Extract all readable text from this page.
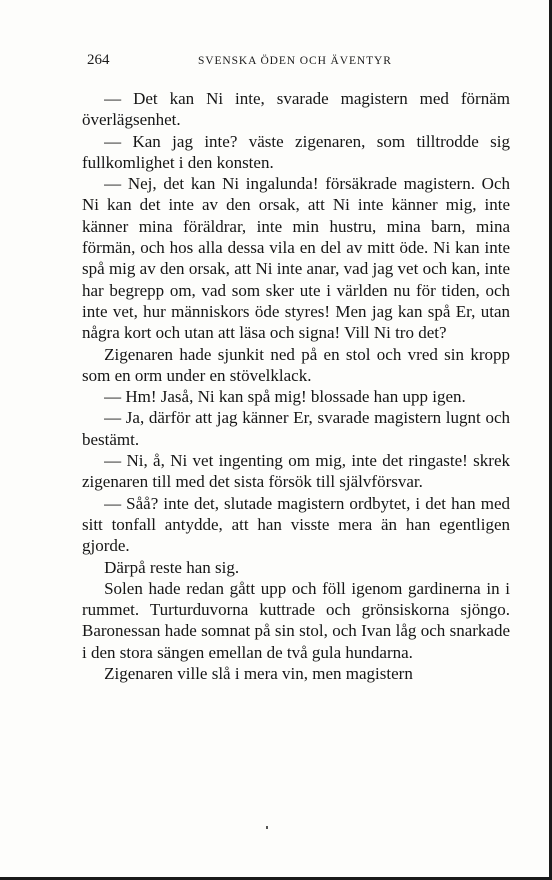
264	SVENSKA ÖDEN OCH ÄVENTYR

— Det kan Ni inte, svarade magistern med förnäm överlägsenhet.

— Kan jag inte? väste zigenaren, som tilltrodde sig fullkomlighet i den konsten.

— Nej, det kan Ni ingalunda! försäkrade magistern. Och Ni kan det inte av den orsak, att Ni inte känner mig, inte känner mina föräldrar, inte min hustru, mina barn, mina förmän, och hos alla dessa vila en del av mitt öde. Ni kan inte spå mig av den orsak, att Ni inte anar, vad jag vet och kan, inte har begrepp om, vad som sker ute i världen nu för tiden, och inte vet, hur människors öde styres! Men jag kan spå Er, utan några kort och utan att läsa och signa! Vill Ni tro det?

Zigenaren hade sjunkit ned på en stol och vred sin kropp som en orm under en stövelklack.

— Hm! Jaså, Ni kan spå mig! blossade han upp igen.

— Ja, därför att jag känner Er, svarade magistern lugnt och bestämt.

— Ni, å, Ni vet ingenting om mig, inte det ringaste! skrek zigenaren till med det sista försök till självförsvar.

— Såå? inte det, slutade magistern ordbytet, i det han med sitt tonfall antydde, att han visste mera än han egentligen gjorde.

Därpå reste han sig.

Solen hade redan gått upp och föll igenom gardinerna in i rummet. Turturduvorna kuttrade och grönsiskorna sjöngo. Baronessan hade somnat på sin stol, och Ivan låg och snarkade i den stora sängen emellan de två gula hundarna.

Zigenaren ville slå i mera vin, men magistern
